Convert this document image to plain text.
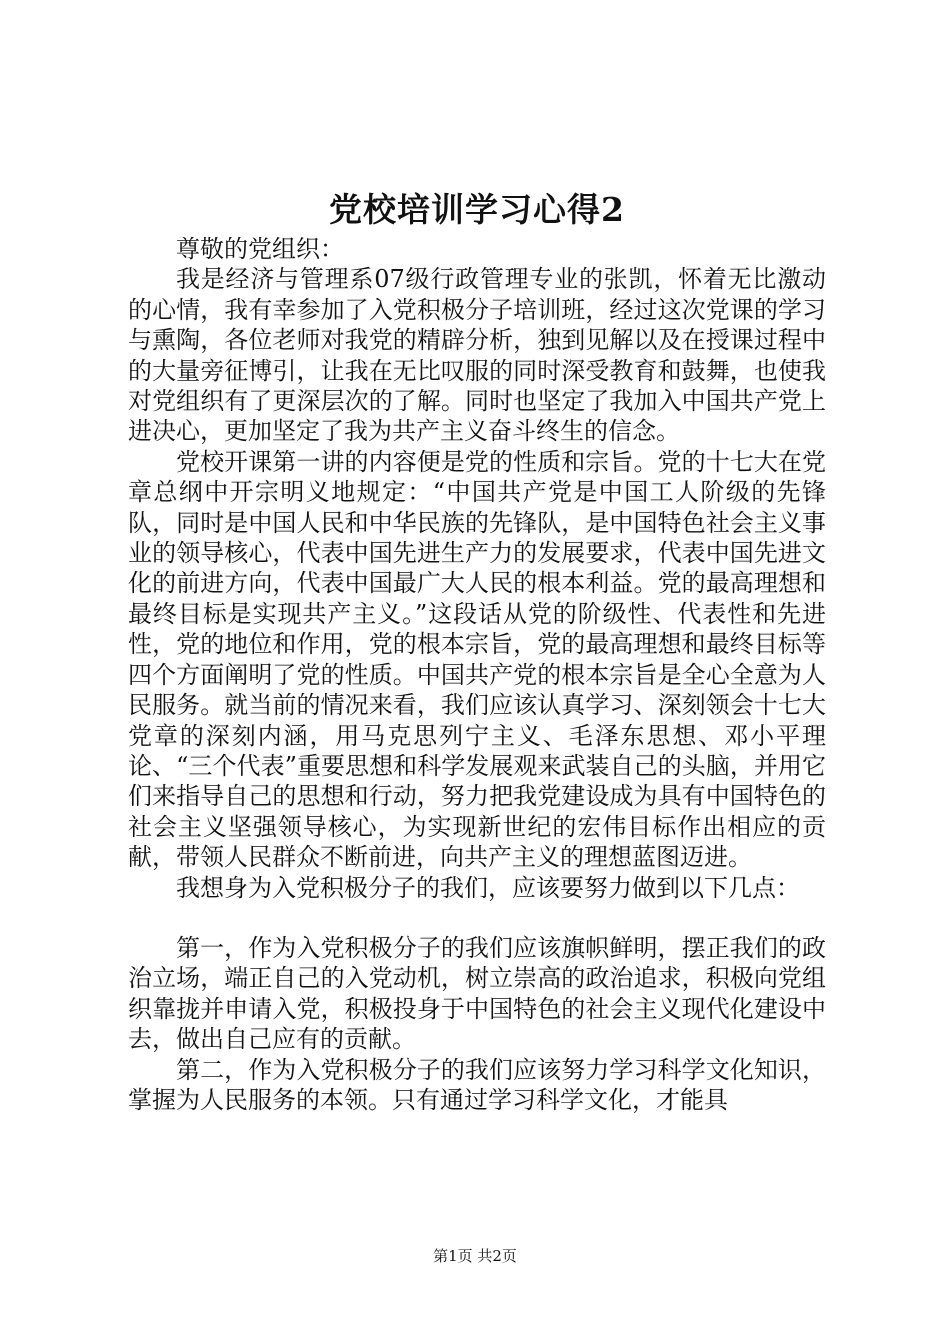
党校培训学习心得2

尊敬的党组织：

我是经济与管理系07级行政管理专业的张凯，怀着无比激动的心情，我有幸参加了入党积极分子培训班，经过这次党课的学习与熏陶，各位老师对我党的精辟分析，独到见解以及在授课过程中的大量旁征博引，让我在无比叹服的同时深受教育和鼓舞，也使我对党组织有了更深层次的了解。同时也坚定了我加入中国共产党上进决心，更加坚定了我为共产主义奋斗终生的信念。

党校开课第一讲的内容便是党的性质和宗旨。党的十七大在党章总纲中开宗明义地规定：“中国共产党是中国工人阶级的先锋队，同时是中国人民和中华民族的先锋队，是中国特色社会主义事业的领导核心，代表中国先进生产力的发展要求，代表中国先进文化的前进方向，代表中国最广大人民的根本利益。党的最高理想和最终目标是实现共产主义。”这段话从党的阶级性、代表性和先进性，党的地位和作用，党的根本宗旨，党的最高理想和最终目标等四个方面阐明了党的性质。中国共产党的根本宗旨是全心全意为人民服务。就当前的情况来看，我们应该认真学习、深刻领会十七大党章的深刻内涵，用马克思列宁主义、毛泽东思想、邓小平理论、“三个代表”重要思想和科学发展观来武装自己的头脑，并用它们来指导自己的思想和行动，努力把我党建设成为具有中国特色的社会主义坚强领导核心，为实现新世纪的宏伟目标作出相应的贡献，带领人民群众不断前进，向共产主义的理想蓝图迈进。

我想身为入党积极分子的我们，应该要努力做到以下几点：

第一，作为入党积极分子的我们应该旗帜鲜明，摆正我们的政治立场，端正自己的入党动机，树立崇高的政治追求，积极向党组织靠拢并申请入党，积极投身于中国特色的社会主义现代化建设中去，做出自己应有的贡献。

第二，作为入党积极分子的我们应该努力学习科学文化知识，掌握为人民服务的本领。只有通过学习科学文化，才能具

第1页 共2页
